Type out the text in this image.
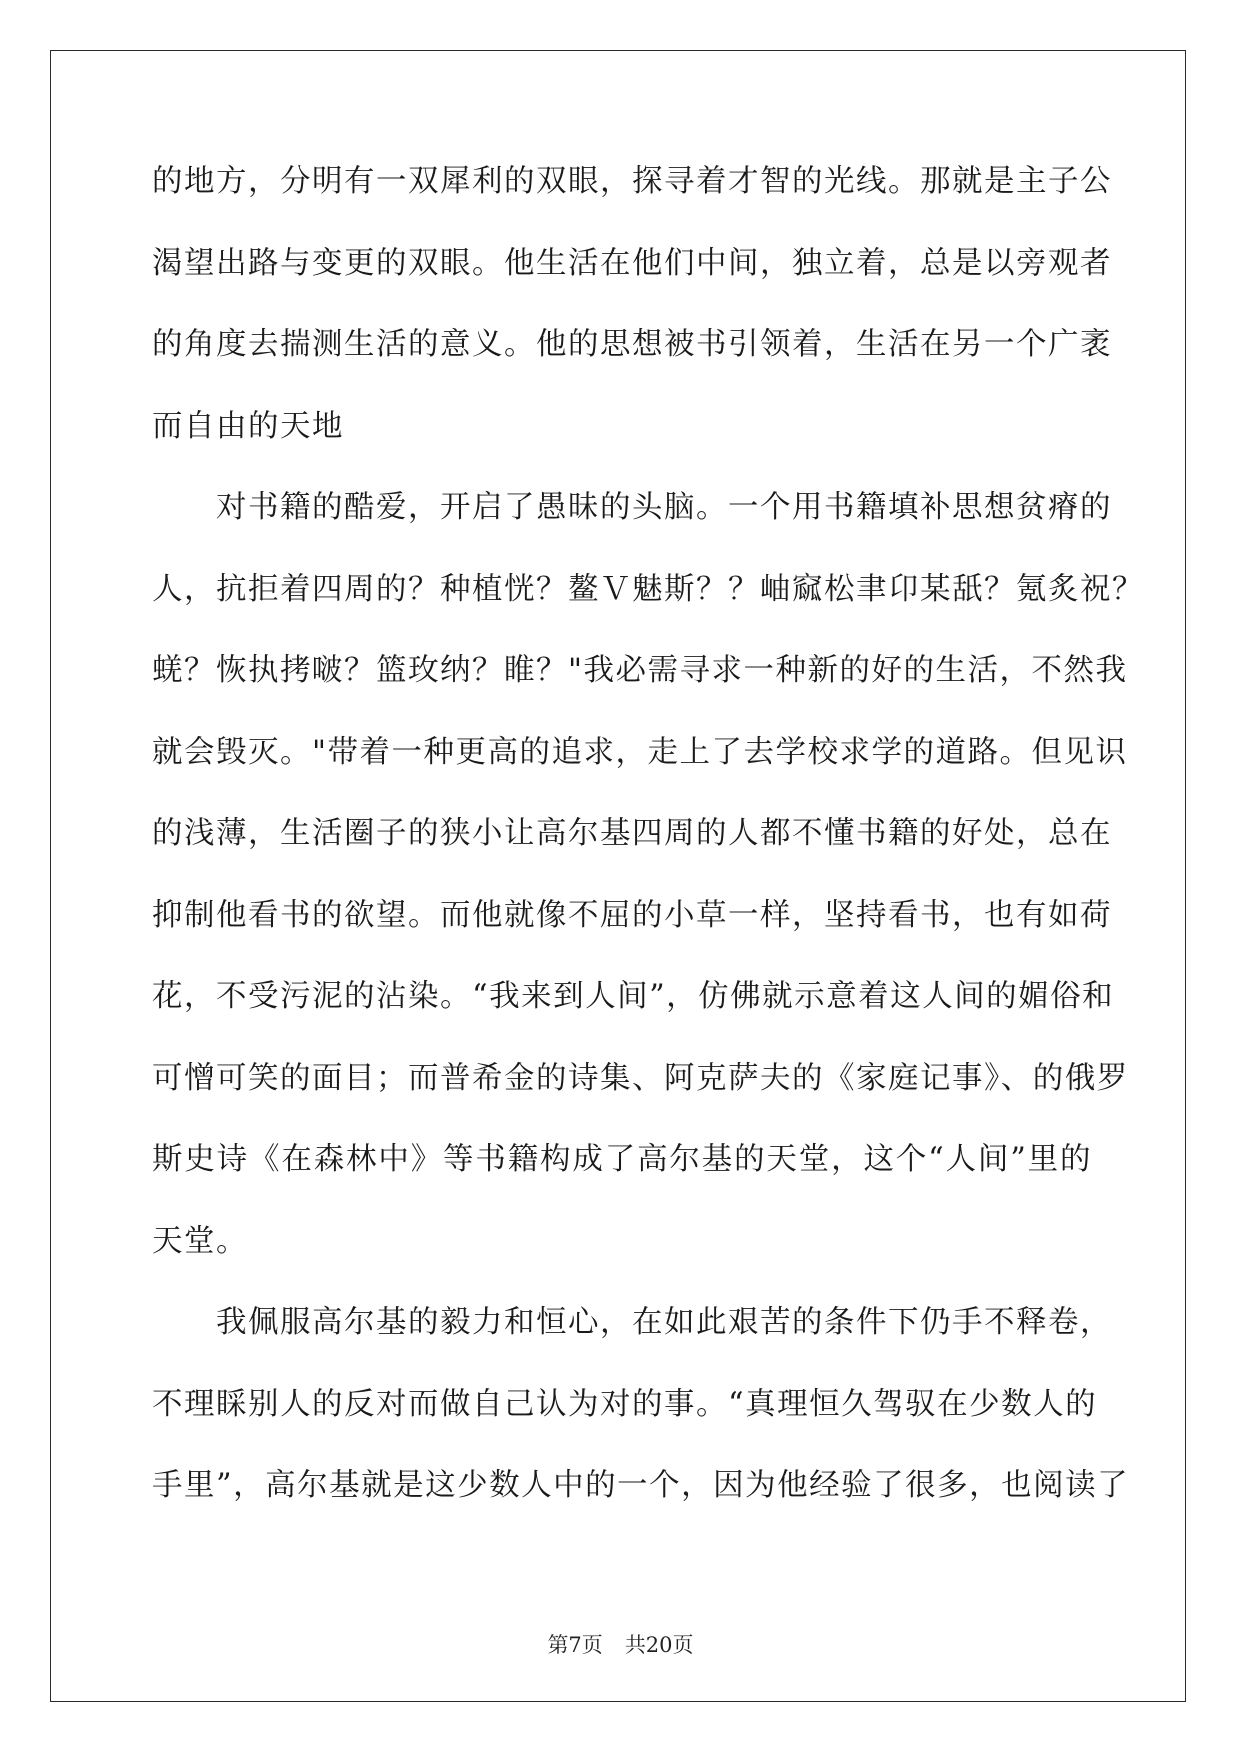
的地方，分明有一双犀利的双眼，探寻着才智的光线。那就是主子公
渴望出路与变更的双眼。他生活在他们中间，独立着，总是以旁观者
的角度去揣测生活的意义。他的思想被书引领着，生活在另一个广袤
而自由的天地
　　对书籍的酷爱，开启了愚昧的头脑。一个用书籍填补思想贫瘠的
人，抗拒着四周的？种植恍？鳌Ｖ魅斯？？岫窳松聿卬某舐？氪炙祝？
蜣？恢执拷啵？篮玫纳？睢？"我必需寻求一种新的好的生活，不然我
就会毁灭。"带着一种更高的追求，走上了去学校求学的道路。但见识
的浅薄，生活圈子的狭小让高尔基四周的人都不懂书籍的好处，总在
抑制他看书的欲望。而他就像不屈的小草一样，坚持看书，也有如荷
花，不受污泥的沾染。“我来到人间”，仿佛就示意着这人间的媚俗和
可憎可笑的面目；而普希金的诗集、阿克萨夫的《家庭记事》、的俄罗
斯史诗《在森林中》等书籍构成了高尔基的天堂，这个“人间”里的
天堂。
　　我佩服高尔基的毅力和恒心，在如此艰苦的条件下仍手不释卷，
不理睬别人的反对而做自己认为对的事。“真理恒久驾驭在少数人的
手里”，高尔基就是这少数人中的一个，因为他经验了很多，也阅读了
第7页 共20页
